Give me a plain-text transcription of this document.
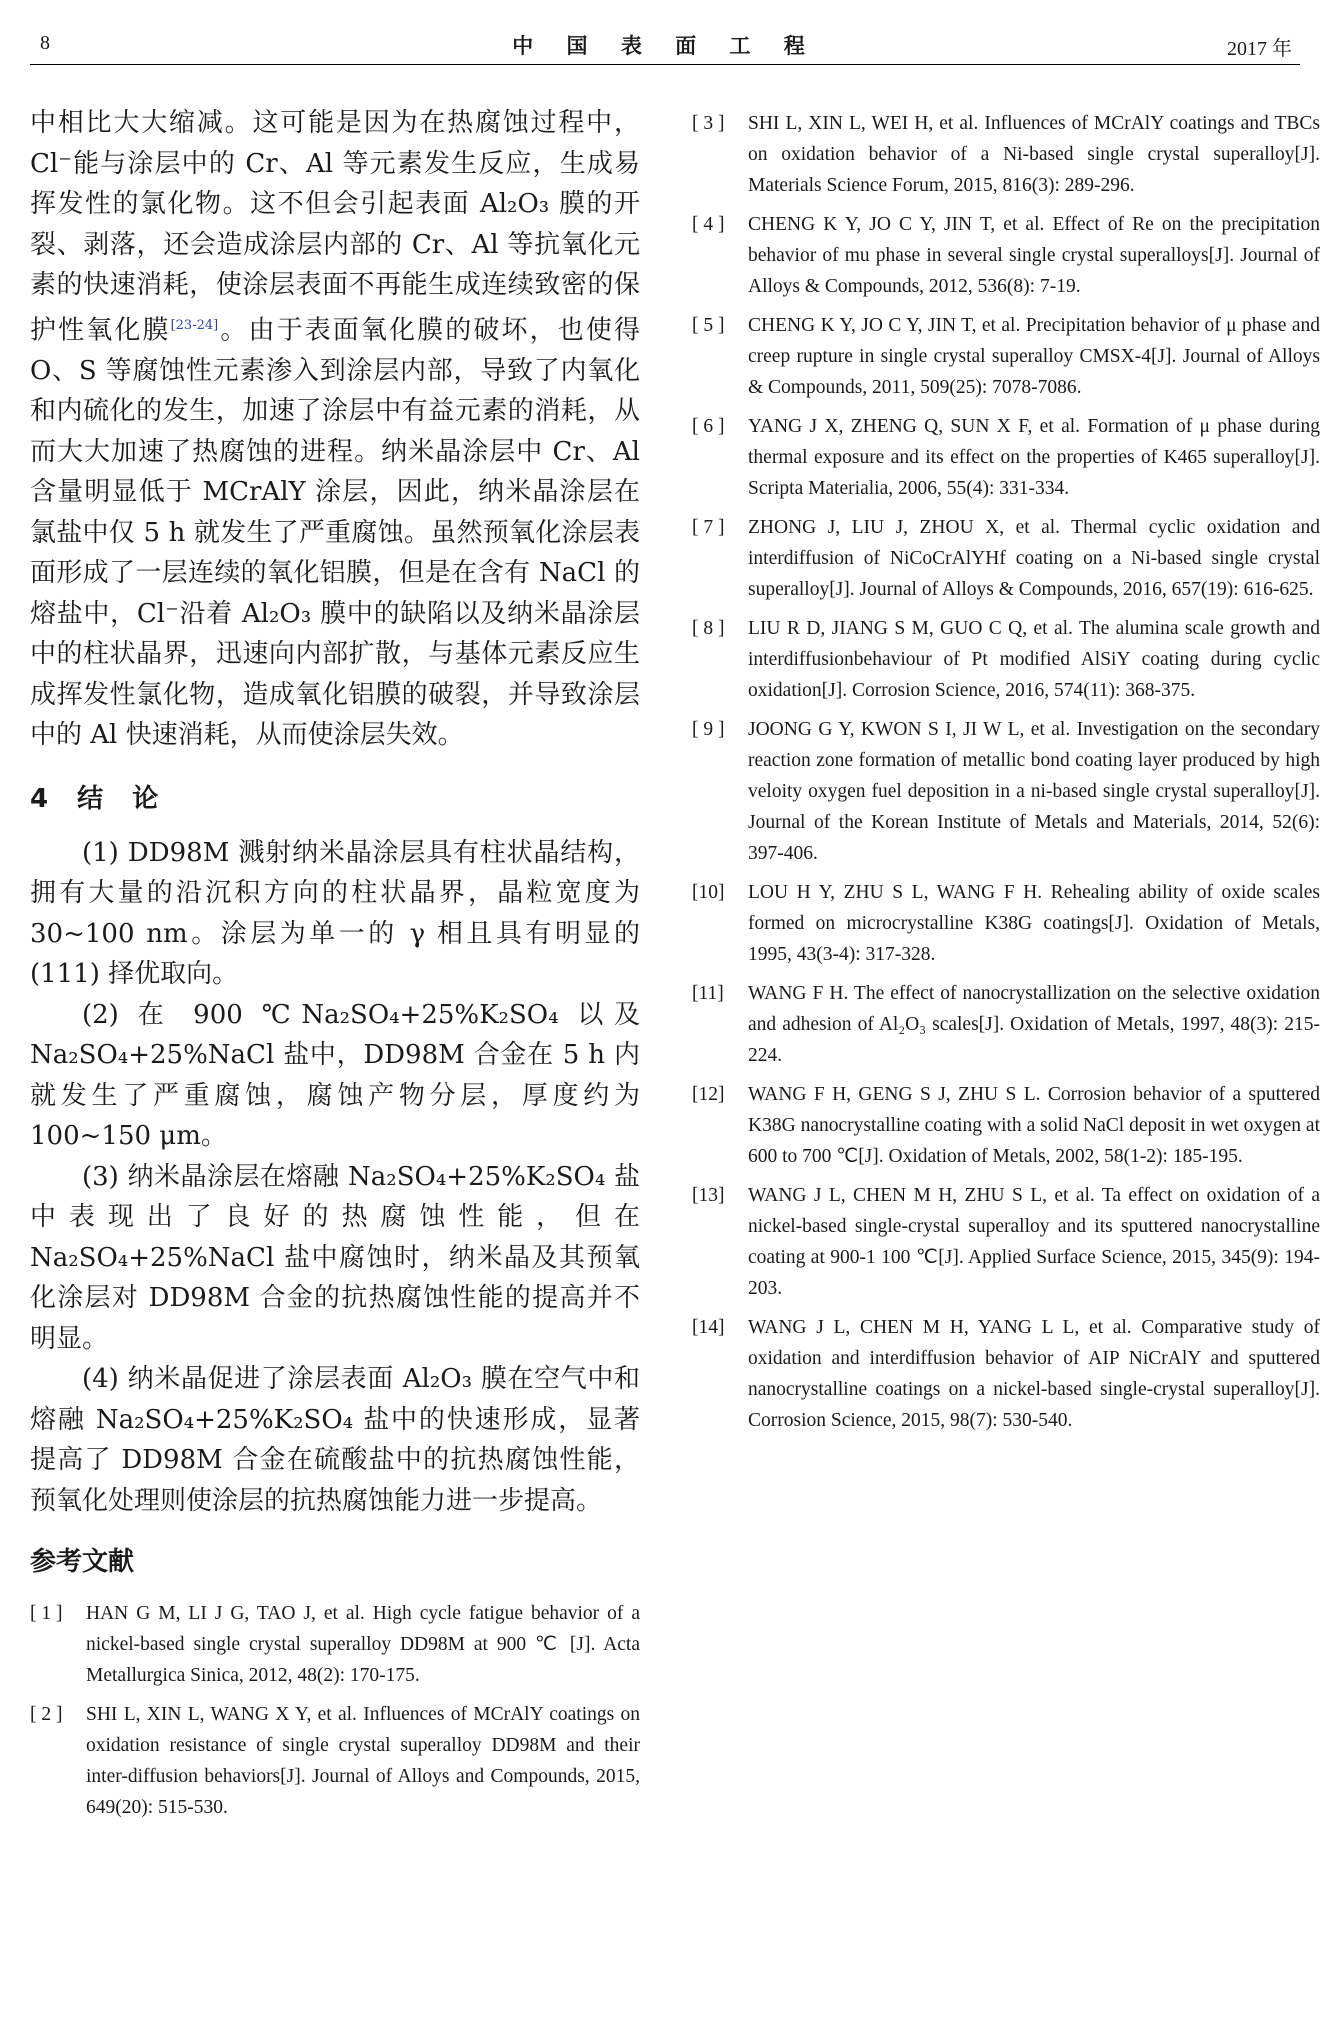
8	中 国 表 面 工 程	2017 年

中相比大大缩减。这可能是因为在热腐蚀过程中，Cl⁻能与涂层中的 Cr、Al 等元素发生反应，生成易挥发性的氯化物。这不但会引起表面 Al₂O₃ 膜的开裂、剥落，还会造成涂层内部的 Cr、Al 等抗氧化元素的快速消耗，使涂层表面不再能生成连续致密的保护性氧化膜[23-24]。由于表面氧化膜的破坏，也使得 O、S 等腐蚀性元素渗入到涂层内部，导致了内氧化和内硫化的发生，加速了涂层中有益元素的消耗，从而大大加速了热腐蚀的进程。纳米晶涂层中 Cr、Al 含量明显低于 MCrAlY 涂层，因此，纳米晶涂层在氯盐中仅 5 h 就发生了严重腐蚀。虽然预氧化涂层表面形成了一层连续的氧化铝膜，但是在含有 NaCl 的熔盐中，Cl⁻沿着 Al₂O₃ 膜中的缺陷以及纳米晶涂层中的柱状晶界，迅速向内部扩散，与基体元素反应生成挥发性氯化物，造成氧化铝膜的破裂，并导致涂层中的 Al 快速消耗，从而使涂层失效。

4 结 论

(1) DD98M 溅射纳米晶涂层具有柱状晶结构，拥有大量的沿沉积方向的柱状晶界，晶粒宽度为 30~100 nm。涂层为单一的 γ 相且具有明显的 (111) 择优取向。

(2) 在 900 ℃Na₂SO₄+25%K₂SO₄ 以及 Na₂SO₄+25%NaCl 盐中，DD98M 合金在 5 h 内就发生了严重腐蚀，腐蚀产物分层，厚度约为 100~150 μm。

(3) 纳米晶涂层在熔融 Na₂SO₄+25%K₂SO₄ 盐中表现出了良好的热腐蚀性能，但在 Na₂SO₄+25%NaCl 盐中腐蚀时，纳米晶及其预氧化涂层对 DD98M 合金的抗热腐蚀性能的提高并不明显。

(4) 纳米晶促进了涂层表面 Al₂O₃ 膜在空气中和熔融 Na₂SO₄+25%K₂SO₄ 盐中的快速形成，显著提高了 DD98M 合金在硫酸盐中的抗热腐蚀性能，预氧化处理则使涂层的抗热腐蚀能力进一步提高。

参考文献
[ 1 ]	HAN G M, LI J G, TAO J, et al. High cycle fatigue behavior of a nickel-based single crystal superalloy DD98M at 900 ℃ [J]. Acta Metallurgica Sinica, 2012, 48(2): 170-175.
[ 2 ]	SHI L, XIN L, WANG X Y, et al. Influences of MCrAlY coatings on oxidation resistance of single crystal superalloy DD98M and their inter-diffusion behaviors[J]. Journal of Alloys and Compounds, 2015, 649(20): 515-530.
[ 3 ]	SHI L, XIN L, WEI H, et al. Influences of MCrAlY coatings and TBCs on oxidation behavior of a Ni-based single crystal superalloy[J]. Materials Science Forum, 2015, 816(3): 289-296.
[ 4 ]	CHENG K Y, JO C Y, JIN T, et al. Effect of Re on the precipitation behavior of mu phase in several single crystal superalloys[J]. Journal of Alloys & Compounds, 2012, 536(8): 7-19.
[ 5 ]	CHENG K Y, JO C Y, JIN T, et al. Precipitation behavior of μ phase and creep rupture in single crystal superalloy CMSX-4[J]. Journal of Alloys & Compounds, 2011, 509(25): 7078-7086.
[ 6 ]	YANG J X, ZHENG Q, SUN X F, et al. Formation of μ phase during thermal exposure and its effect on the properties of K465 superalloy[J]. Scripta Materialia, 2006, 55(4): 331-334.
[ 7 ]	ZHONG J, LIU J, ZHOU X, et al. Thermal cyclic oxidation and interdiffusion of NiCoCrAlYHf coating on a Ni-based single crystal superalloy[J]. Journal of Alloys & Compounds, 2016, 657(19): 616-625.
[ 8 ]	LIU R D, JIANG S M, GUO C Q, et al. The alumina scale growth and interdiffusionbehaviour of Pt modified AlSiY coating during cyclic oxidation[J]. Corrosion Science, 2016, 574(11): 368-375.
[ 9 ]	JOONG G Y, KWON S I, JI W L, et al. Investigation on the secondary reaction zone formation of metallic bond coating layer produced by high veloity oxygen fuel deposition in a ni-based single crystal superalloy[J]. Journal of the Korean Institute of Metals and Materials, 2014, 52(6): 397-406.
[10]	LOU H Y, ZHU S L, WANG F H. Rehealing ability of oxide scales formed on microcrystalline K38G coatings[J]. Oxidation of Metals, 1995, 43(3-4): 317-328.
[11]	WANG F H. The effect of nanocrystallization on the selective oxidation and adhesion of Al₂O₃ scales[J]. Oxidation of Metals, 1997, 48(3): 215-224.
[12]	WANG F H, GENG S J, ZHU S L. Corrosion behavior of a sputtered K38G nanocrystalline coating with a solid NaCl deposit in wet oxygen at 600 to 700 ℃[J]. Oxidation of Metals, 2002, 58(1-2): 185-195.
[13]	WANG J L, CHEN M H, ZHU S L, et al. Ta effect on oxidation of a nickel-based single-crystal superalloy and its sputtered nanocrystalline coating at 900-1 100 ℃[J]. Applied Surface Science, 2015, 345(9): 194-203.
[14]	WANG J L, CHEN M H, YANG L L, et al. Comparative study of oxidation and interdiffusion behavior of AIP NiCrAlY and sputtered nanocrystalline coatings on a nickel-based single-crystal superalloy[J]. Corrosion Science, 2015, 98(7): 530-540.
